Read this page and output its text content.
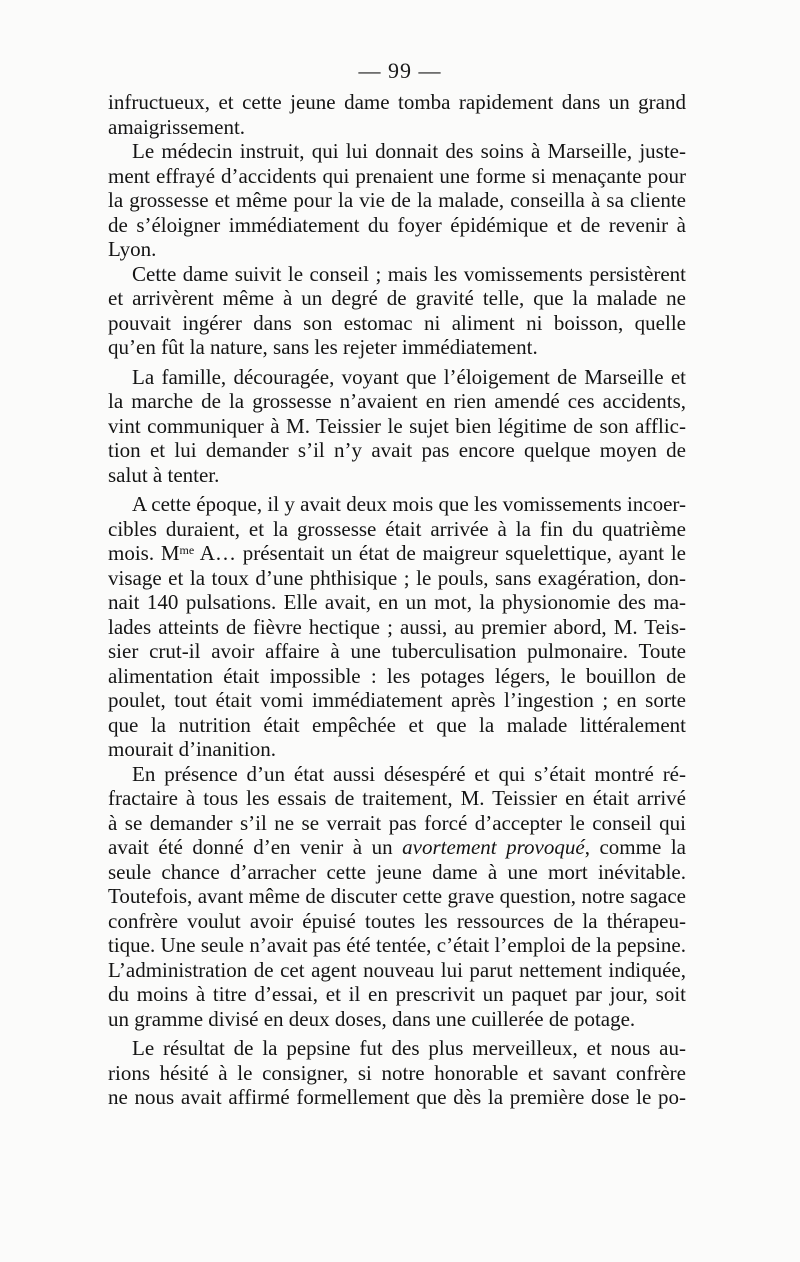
— 99 —
infructueux, et cette jeune dame tomba rapidement dans un grand
amaigrissement.
Le médecin instruit, qui lui donnait des soins à Marseille, juste-
ment effrayé d’accidents qui prenaient une forme si menaçante pour
la grossesse et même pour la vie de la malade, conseilla à sa cliente
de s’éloigner immédiatement du foyer épidémique et de revenir à
Lyon.
Cette dame suivit le conseil ; mais les vomissements persistèrent
et arrivèrent même à un degré de gravité telle, que la malade ne
pouvait ingérer dans son estomac ni aliment ni boisson, quelle
qu’en fût la nature, sans les rejeter immédiatement.
La famille, découragée, voyant que l’éloigement de Marseille et
la marche de la grossesse n’avaient en rien amendé ces accidents,
vint communiquer à M. Teissier le sujet bien légitime de son afflic-
tion et lui demander s’il n’y avait pas encore quelque moyen de
salut à tenter.
A cette époque, il y avait deux mois que les vomissements incoer-
cibles duraient, et la grossesse était arrivée à la fin du quatrième
mois. $M^{me}$ A… présentait un état de maigreur squelettique, ayant le
visage et la toux d’une phthisique ; le pouls, sans exagération, don-
nait 140 pulsations. Elle avait, en un mot, la physionomie des ma-
lades atteints de fièvre hectique ; aussi, au premier abord, M. Teis-
sier crut-il avoir affaire à une tuberculisation pulmonaire. Toute
alimentation était impossible : les potages légers, le bouillon de
poulet, tout était vomi immédiatement après l’ingestion ; en sorte
que la nutrition était empêchée et que la malade littéralement
mourait d’inanition.
En présence d’un état aussi désespéré et qui s’était montré ré-
fractaire à tous les essais de traitement, M. Teissier en était arrivé
à se demander s’il ne se verrait pas forcé d’accepter le conseil qui
avait été donné d’en venir à un avortement provoqué, comme la
seule chance d’arracher cette jeune dame à une mort inévitable.
Toutefois, avant même de discuter cette grave question, notre sagace
confrère voulut avoir épuisé toutes les ressources de la thérapeu-
tique. Une seule n’avait pas été tentée, c’était l’emploi de la pepsine.
L’administration de cet agent nouveau lui parut nettement indiquée,
du moins à titre d’essai, et il en prescrivit un paquet par jour, soit
un gramme divisé en deux doses, dans une cuillerée de potage.
Le résultat de la pepsine fut des plus merveilleux, et nous au-
rions hésité à le consigner, si notre honorable et savant confrère
ne nous avait affirmé formellement que dès la première dose le po-
